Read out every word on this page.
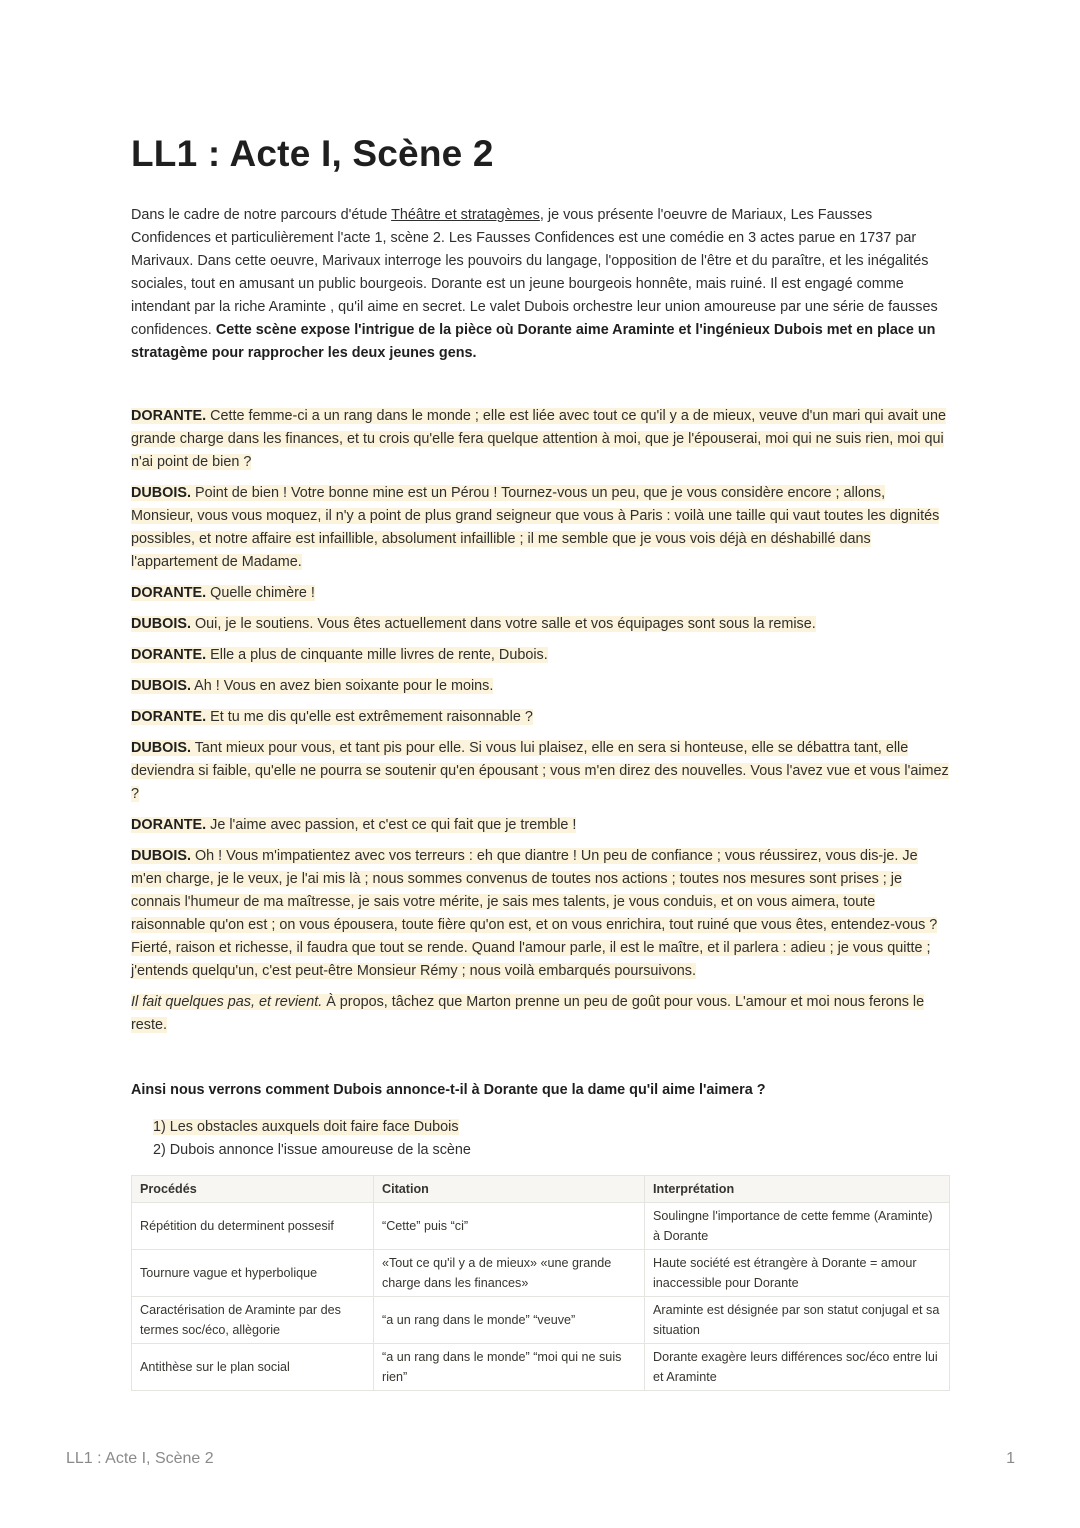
LL1 : Acte I, Scène 2

Dans le cadre de notre parcours d'étude Théâtre et stratagèmes, je vous présente l'oeuvre de Mariaux, Les Fausses Confidences et particulièrement l'acte 1, scène 2. Les Fausses Confidences est une comédie en 3 actes parue en 1737 par Marivaux. Dans cette oeuvre, Marivaux interroge les pouvoirs du langage, l'opposition de l'être et du paraître, et les inégalités sociales, tout en amusant un public bourgeois. Dorante est un jeune bourgeois honnête, mais ruiné. Il est engagé comme intendant par la riche Araminte , qu'il aime en secret. Le valet Dubois orchestre leur union amoureuse par une série de fausses confidences. Cette scène expose l'intrigue de la pièce où Dorante aime Araminte et l'ingénieux Dubois met en place un stratagème pour rapprocher les deux jeunes gens.

DORANTE. Cette femme-ci a un rang dans le monde ; elle est liée avec tout ce qu'il y a de mieux, veuve d'un mari qui avait une grande charge dans les finances, et tu crois qu'elle fera quelque attention à moi, que je l'épouserai, moi qui ne suis rien, moi qui n'ai point de bien ?

DUBOIS. Point de bien ! Votre bonne mine est un Pérou ! Tournez-vous un peu, que je vous considère encore ; allons, Monsieur, vous vous moquez, il n'y a point de plus grand seigneur que vous à Paris : voilà une taille qui vaut toutes les dignités possibles, et notre affaire est infaillible, absolument infaillible ; il me semble que je vous vois déjà en déshabillé dans l'appartement de Madame.

DORANTE. Quelle chimère !

DUBOIS. Oui, je le soutiens. Vous êtes actuellement dans votre salle et vos équipages sont sous la remise.

DORANTE. Elle a plus de cinquante mille livres de rente, Dubois.

DUBOIS. Ah ! Vous en avez bien soixante pour le moins.

DORANTE. Et tu me dis qu'elle est extrêmement raisonnable ?

DUBOIS. Tant mieux pour vous, et tant pis pour elle. Si vous lui plaisez, elle en sera si honteuse, elle se débattra tant, elle deviendra si faible, qu'elle ne pourra se soutenir qu'en épousant ; vous m'en direz des nouvelles. Vous l'avez vue et vous l'aimez ?

DORANTE. Je l'aime avec passion, et c'est ce qui fait que je tremble !

DUBOIS. Oh ! Vous m'impatientez avec vos terreurs : eh que diantre ! Un peu de confiance ; vous réussirez, vous dis-je. Je m'en charge, je le veux, je l'ai mis là ; nous sommes convenus de toutes nos actions ; toutes nos mesures sont prises ; je connais l'humeur de ma maîtresse, je sais votre mérite, je sais mes talents, je vous conduis, et on vous aimera, toute raisonnable qu'on est ; on vous épousera, toute fière qu'on est, et on vous enrichira, tout ruiné que vous êtes, entendez-vous ? Fierté, raison et richesse, il faudra que tout se rende. Quand l'amour parle, il est le maître, et il parlera : adieu ; je vous quitte ; j'entends quelqu'un, c'est peut-être Monsieur Rémy ; nous voilà embarqués poursuivons.

Il fait quelques pas, et revient. À propos, tâchez que Marton prenne un peu de goût pour vous. L'amour et moi nous ferons le reste.

Ainsi nous verrons comment Dubois annonce-t-il à Dorante que la dame qu'il aime l'aimera ?

1) Les obstacles auxquels doit faire face Dubois
2) Dubois annonce l'issue amoureuse de la scène
Procédés	Citation	Interprétation
Répétition du determinent possesif	“Cette” puis “ci”	Soulingne l'importance de cette femme (Araminte) à Dorante
Tournure vague et hyperbolique	«Tout ce qu'il y a de mieux» «une grande charge dans les finances»	Haute société est étrangère à Dorante = amour inaccessible pour Dorante
Caractérisation de Araminte par des termes soc/éco, allègorie	“a un rang dans le monde” “veuve”	Araminte est désignée par son statut conjugal et sa situation
Antithèse sur le plan social	“a un rang dans le monde” “moi qui ne suis rien”	Dorante exagère leurs différences soc/éco entre lui et Araminte
LL1 : Acte I, Scène 2	1
